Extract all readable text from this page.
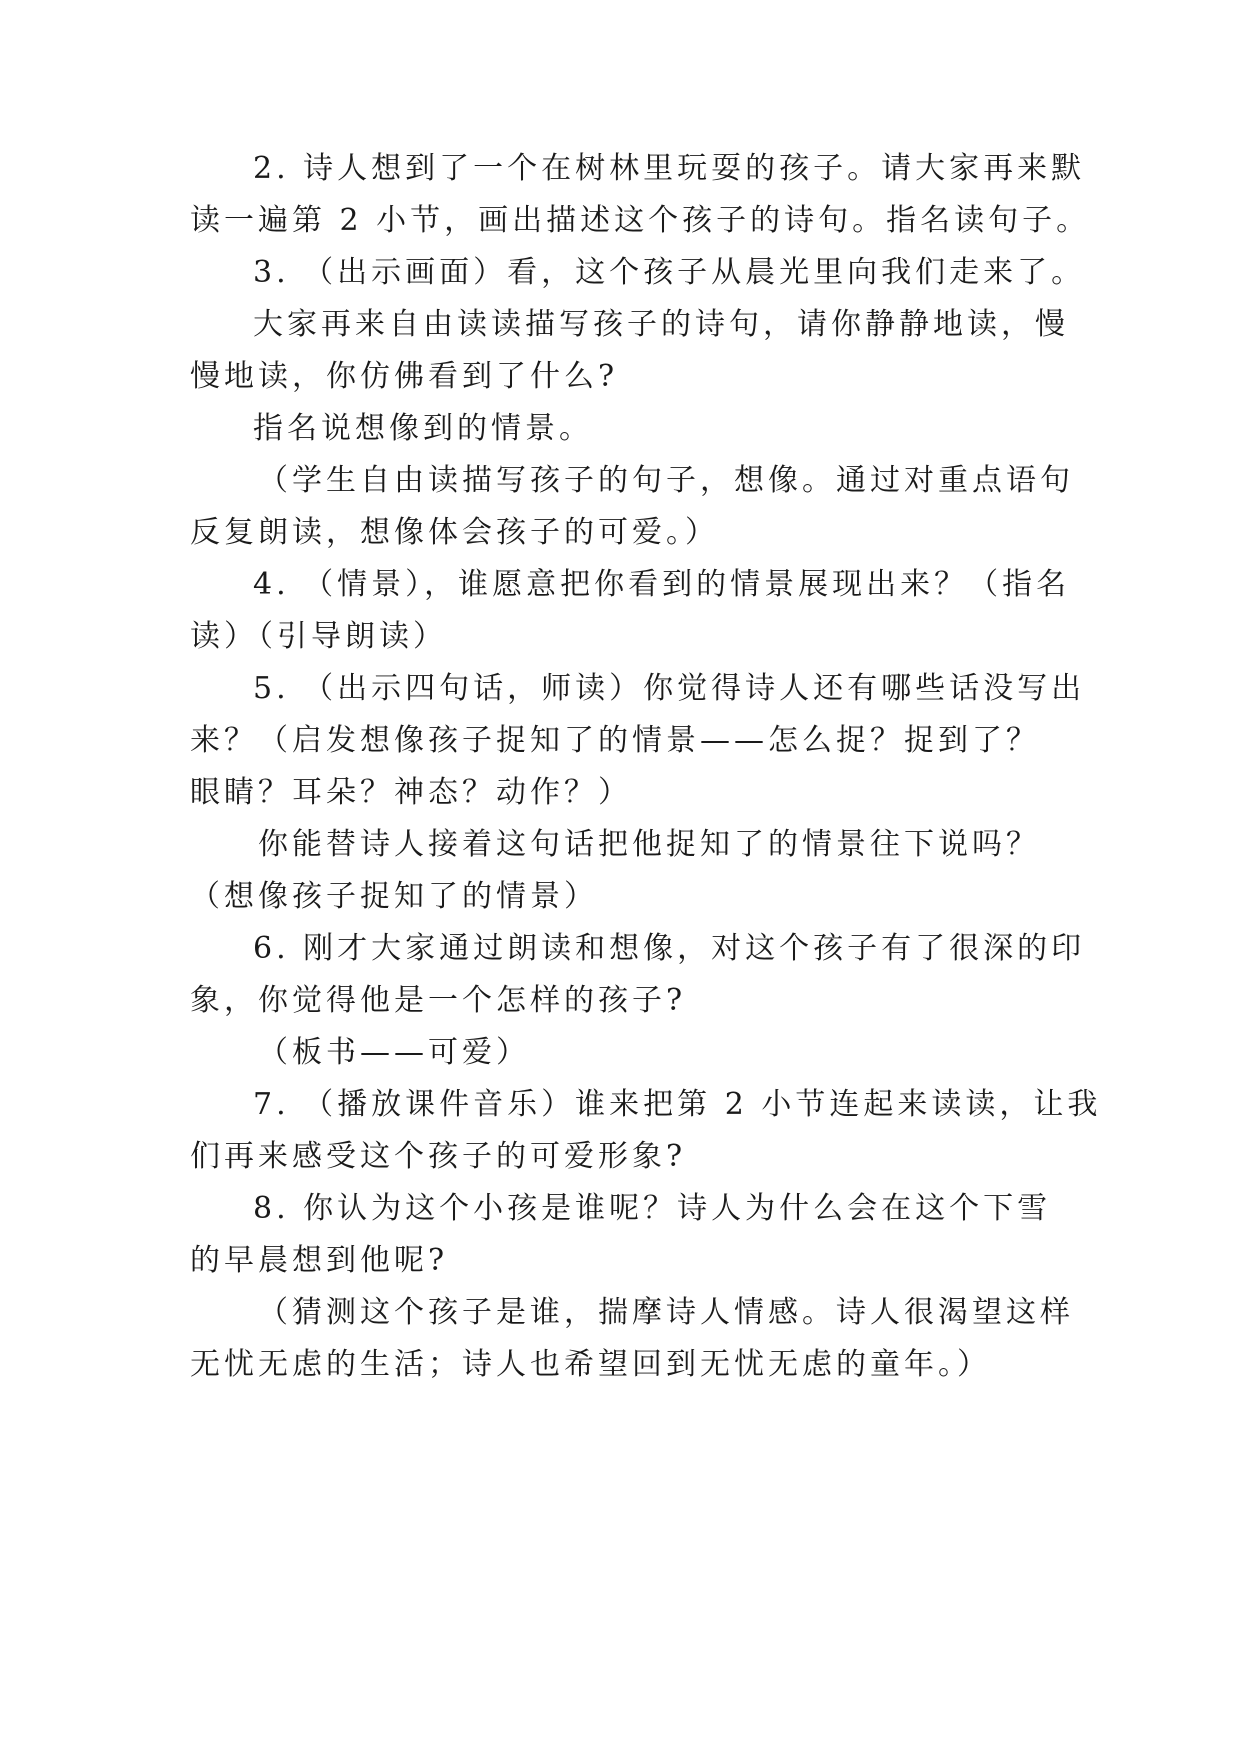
2. 诗人想到了一个在树林里玩耍的孩子。请大家再来默
读一遍第 2 小节，画出描述这个孩子的诗句。指名读句子。
3. （出示画面）看，这个孩子从晨光里向我们走来了。
大家再来自由读读描写孩子的诗句，请你静静地读，慢
慢地读，你仿佛看到了什么?
指名说想像到的情景。
（学生自由读描写孩子的句子，想像。通过对重点语句
反复朗读，想像体会孩子的可爱。）
4. （情景），谁愿意把你看到的情景展现出来？（指名
读）（引导朗读）
5. （出示四句话，师读）你觉得诗人还有哪些话没写出
来？（启发想像孩子捉知了的情景——怎么捉？捉到了？
眼睛？耳朵？神态？动作？）
你能替诗人接着这句话把他捉知了的情景往下说吗？
（想像孩子捉知了的情景）
6. 刚才大家通过朗读和想像，对这个孩子有了很深的印
象，你觉得他是一个怎样的孩子?
（板书——可爱）
7. （播放课件音乐）谁来把第 2 小节连起来读读，让我
们再来感受这个孩子的可爱形象?
8. 你认为这个小孩是谁呢？诗人为什么会在这个下雪
的早晨想到他呢?
（猜测这个孩子是谁，揣摩诗人情感。诗人很渴望这样
无忧无虑的生活；诗人也希望回到无忧无虑的童年。）
